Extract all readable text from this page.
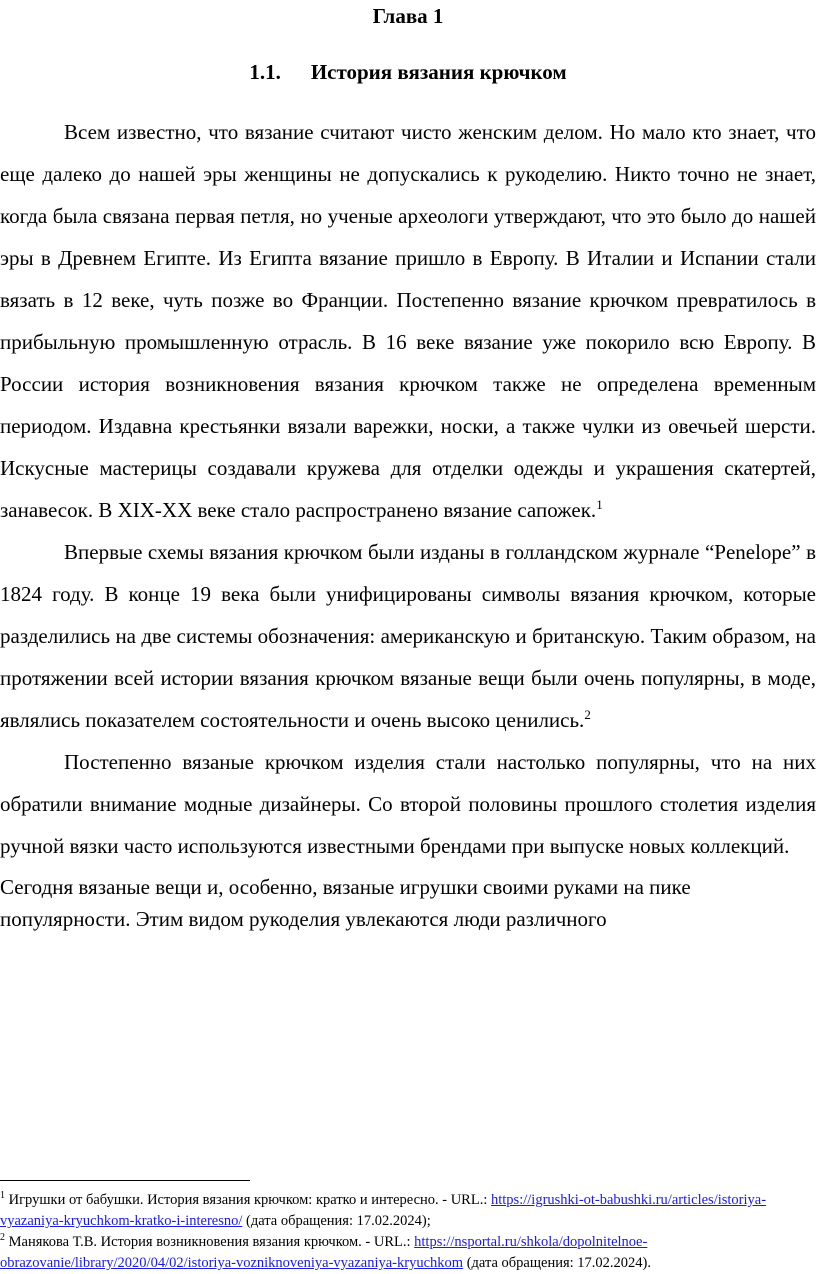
Глава 1
1.1. История вязания крючком

Всем известно, что вязание считают чисто женским делом. Но мало кто знает, что еще далеко до нашей эры женщины не допускались к рукоделию. Никто точно не знает, когда была связана первая петля, но ученые археологи утверждают, что это было до нашей эры в Древнем Египте. Из Египта вязание пришло в Европу. В Италии и Испании стали вязать в 12 веке, чуть позже во Франции. Постепенно вязание крючком превратилось в прибыльную промышленную отрасль. В 16 веке вязание уже покорило всю Европу. В России история возникновения вязания крючком также не определена временным периодом. Издавна крестьянки вязали варежки, носки, а также чулки из овечьей шерсти. Искусные мастерицы создавали кружева для отделки одежды и украшения скатертей, занавесок. В XIX-XX веке стало распространено вязание сапожек.$^1$

Впервые схемы вязания крючком были изданы в голландском журнале “Penelope” в 1824 году. В конце 19 века были унифицированы символы вязания крючком, которые разделились на две системы обозначения: американскую и британскую. Таким образом, на протяжении всей истории вязания крючком вязаные вещи были очень популярны, в моде, являлись показателем состоятельности и очень высоко ценились.$^2$

Постепенно вязаные крючком изделия стали настолько популярны, что на них обратили внимание модные дизайнеры. Со второй половины прошлого столетия изделия ручной вязки часто используются известными брендами при выпуске новых коллекций.

Сегодня вязаные вещи и, особенно, вязаные игрушки своими руками на пике популярности. Этим видом рукоделия увлекаются люди различного

$^1$ Игрушки от бабушки. История вязания крючком: кратко и интересно. - URL.: https://igrushki-ot-babushki.ru/articles/istoriya-vyazaniya-kryuchkom-kratko-i-interesno/ (дата обращения: 17.02.2024);

$^2$ Манякова Т.В. История возникновения вязания крючком. - URL.: https://nsportal.ru/shkola/dopolnitelnoe-obrazovanie/library/2020/04/02/istoriya-vozniknoveniya-vyazaniya-kryuchkom (дата обращения: 17.02.2024).
